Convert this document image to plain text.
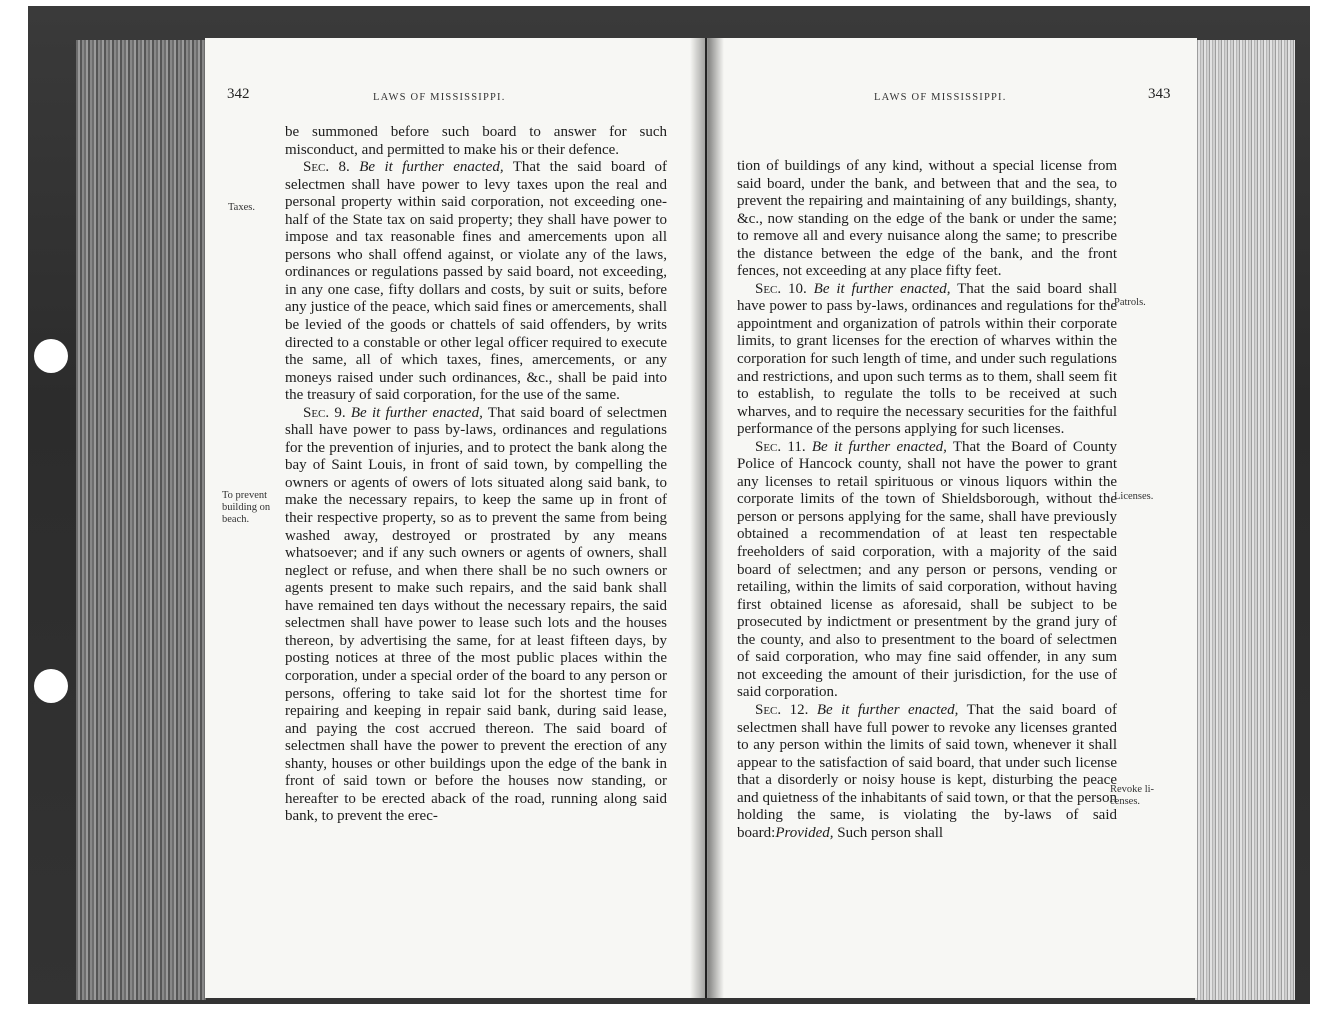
342	LAWS OF MISSISSIPPI.

be summoned before such board to answer for such misconduct, and permitted to make his or their defence.

Sec. 8. Be it further enacted, That the said board of selectmen shall have power to levy taxes upon the real and personal property within said corporation, not exceeding one-half of the State tax on said property; they shall have power to impose and tax reasonable fines and amercements upon all persons who shall offend against, or violate any of the laws, ordinances or regulations passed by said board, not exceeding, in any one case, fifty dollars and costs, by suit or suits, before any justice of the peace, which said fines or amercements, shall be levied of the goods or chattels of said offenders, by writs directed to a constable or other legal officer required to execute the same, all of which taxes, fines, amercements, or any moneys raised under such ordinances, &c., shall be paid into the treasury of said corporation, for the use of the same.

Sec. 9. Be it further enacted, That said board of selectmen shall have power to pass by-laws, ordinances and regulations for the prevention of injuries, and to protect the bank along the bay of Saint Louis, in front of said town, by compelling the owners or agents of owers of lots situated along said bank, to make the necessary repairs, to keep the same up in front of their respective property, so as to prevent the same from being washed away, destroyed or prostrated by any means whatsoever; and if any such owners or agents of owners, shall neglect or refuse, and when there shall be no such owners or agents present to make such repairs, and the said bank shall have remained ten days without the necessary repairs, the said selectmen shall have power to lease such lots and the houses thereon, by advertising the same, for at least fifteen days, by posting notices at three of the most public places within the corporation, under a special order of the board to any person or persons, offering to take said lot for the shortest time for repairing and keeping in repair said bank, during said lease, and paying the cost accrued thereon. The said board of selectmen shall have the power to prevent the erection of any shanty, houses or other buildings upon the edge of the bank in front of said town or before the houses now standing, or hereafter to be erected aback of the road, running along said bank, to prevent the erec-

Taxes.
To prevent
building on
beach.
LAWS OF MISSISSIPPI.	343

tion of buildings of any kind, without a special license from said board, under the bank, and between that and the sea, to prevent the repairing and maintaining of any buildings, shanty, &c., now standing on the edge of the bank or under the same; to remove all and every nuisance along the same; to prescribe the distance between the edge of the bank, and the front fences, not exceeding at any place fifty feet.

Sec. 10. Be it further enacted, That the said board shall have power to pass by-laws, ordinances and regulations for the appointment and organization of patrols within their corporate limits, to grant licenses for the erection of wharves within the corporation for such length of time, and under such regulations and restrictions, and upon such terms as to them, shall seem fit to establish, to regulate the tolls to be received at such wharves, and to require the necessary securities for the faithful performance of the persons applying for such licenses.

Sec. 11. Be it further enacted, That the Board of County Police of Hancock county, shall not have the power to grant any licenses to retail spirituous or vinous liquors within the corporate limits of the town of Shieldsborough, without the person or persons applying for the same, shall have previously obtained a recommendation of at least ten respectable freeholders of said corporation, with a majority of the said board of selectmen; and any person or persons, vending or retailing, within the limits of said corporation, without having first obtained license as aforesaid, shall be subject to be prosecuted by indictment or presentment by the grand jury of the county, and also to presentment to the board of selectmen of said corporation, who may fine said offender, in any sum not exceeding the amount of their jurisdiction, for the use of said corporation.

Sec. 12. Be it further enacted, That the said board of selectmen shall have full power to revoke any licenses granted to any person within the limits of said town, whenever it shall appear to the satisfaction of said board, that under such license that a disorderly or noisy house is kept, disturbing the peace and quietness of the inhabitants of said town, or that the person holding the same, is violating the by-laws of said board:Provided, Such person shall

Patrols.
Licenses.
Revoke li-
censes.
